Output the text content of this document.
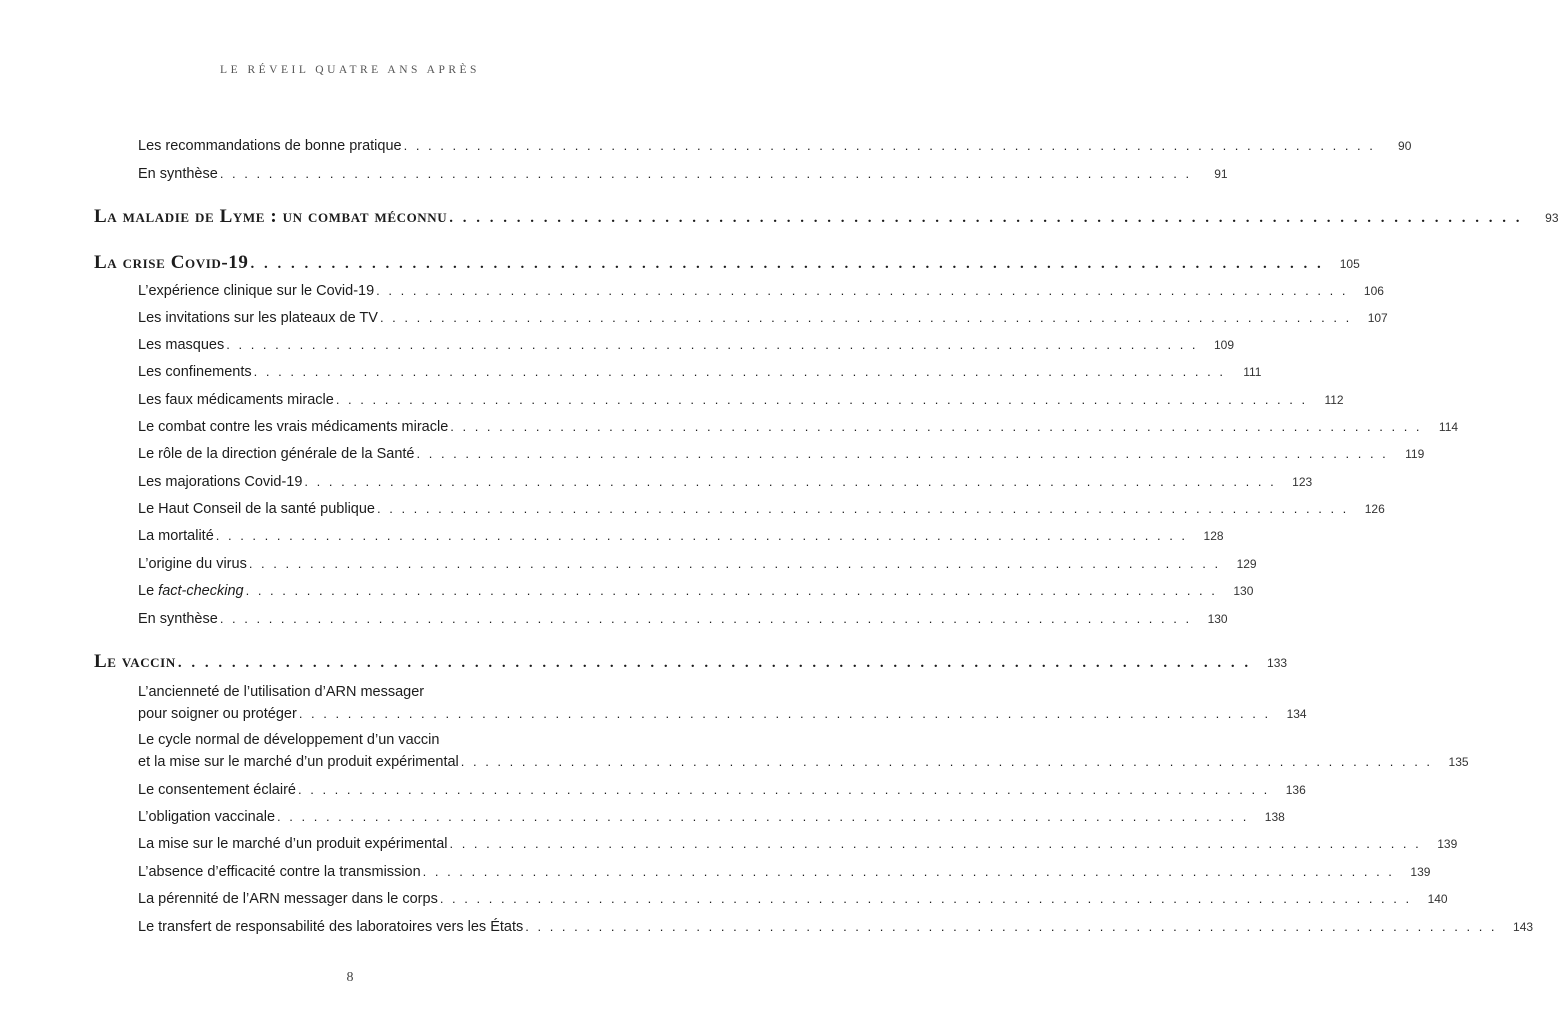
LE RÉVEIL QUATRE ANS APRÈS
Les recommandations de bonne pratique . . . . . . . . . . . . . . . . . . . . . . . . . . . . . . . . . . . . . . . . . . . . . . . . . . . . . . . . . . . . . . . . . . . . . . . . . . . . . . . .	90
En synthèse . . . . . . . . . . . . . . . . . . . . . . . . . . . . . . . . . . . . . . . . . . . . . . . . . . . . . . . . . . . . . . . . . . . . . . . . . . . . . . . .	91
La maladie de Lyme : un combat méconnu . . . . . . . . . . . . . . . . . . . . . . . . . . . . . . . . . . . . . . . . . . . . . . . . . . . . . . . . . . . . . . . . . . . . . . . . . . . . . . . .	93
La crise Covid-19 . . . . . . . . . . . . . . . . . . . . . . . . . . . . . . . . . . . . . . . . . . . . . . . . . . . . . . . . . . . . . . . . . . . . . . . . . . . . . . . .	105
L’expérience clinique sur le Covid-19 . . . . . . . . . . . . . . . . . . . . . . . . . . . . . . . . . . . . . . . . . . . . . . . . . . . . . . . . . . . . . . . . . . . . . . . . . . . . . . . .	106
Les invitations sur les plateaux de TV . . . . . . . . . . . . . . . . . . . . . . . . . . . . . . . . . . . . . . . . . . . . . . . . . . . . . . . . . . . . . . . . . . . . . . . . . . . . . . . .	107
Les masques . . . . . . . . . . . . . . . . . . . . . . . . . . . . . . . . . . . . . . . . . . . . . . . . . . . . . . . . . . . . . . . . . . . . . . . . . . . . . . . .	109
Les confinements . . . . . . . . . . . . . . . . . . . . . . . . . . . . . . . . . . . . . . . . . . . . . . . . . . . . . . . . . . . . . . . . . . . . . . . . . . . . . . . .	111
Les faux médicaments miracle . . . . . . . . . . . . . . . . . . . . . . . . . . . . . . . . . . . . . . . . . . . . . . . . . . . . . . . . . . . . . . . . . . . . . . . . . . . . . . . .	112
Le combat contre les vrais médicaments miracle . . . . . . . . . . . . . . . . . . . . . . . . . . . . . . . . . . . . . . . . . . . . . . . . . . . . . . . . . . . . . . . . . . . . . . . . . . . . . . . .	114
Le rôle de la direction générale de la Santé . . . . . . . . . . . . . . . . . . . . . . . . . . . . . . . . . . . . . . . . . . . . . . . . . . . . . . . . . . . . . . . . . . . . . . . . . . . . . . . .	119
Les majorations Covid-19 . . . . . . . . . . . . . . . . . . . . . . . . . . . . . . . . . . . . . . . . . . . . . . . . . . . . . . . . . . . . . . . . . . . . . . . . . . . . . . . .	123
Le Haut Conseil de la santé publique . . . . . . . . . . . . . . . . . . . . . . . . . . . . . . . . . . . . . . . . . . . . . . . . . . . . . . . . . . . . . . . . . . . . . . . . . . . . . . . .	126
La mortalité . . . . . . . . . . . . . . . . . . . . . . . . . . . . . . . . . . . . . . . . . . . . . . . . . . . . . . . . . . . . . . . . . . . . . . . . . . . . . . . .	128
L’origine du virus . . . . . . . . . . . . . . . . . . . . . . . . . . . . . . . . . . . . . . . . . . . . . . . . . . . . . . . . . . . . . . . . . . . . . . . . . . . . . . . .	129
Le fact-checking . . . . . . . . . . . . . . . . . . . . . . . . . . . . . . . . . . . . . . . . . . . . . . . . . . . . . . . . . . . . . . . . . . . . . . . . . . . . . . . .	130
En synthèse . . . . . . . . . . . . . . . . . . . . . . . . . . . . . . . . . . . . . . . . . . . . . . . . . . . . . . . . . . . . . . . . . . . . . . . . . . . . . . . .	130
Le vaccin . . . . . . . . . . . . . . . . . . . . . . . . . . . . . . . . . . . . . . . . . . . . . . . . . . . . . . . . . . . . . . . . . . . . . . . . . . . . . . . .	133
L’ancienneté de l’utilisation d’ARN messager
pour soigner ou protéger . . . . . . . . . . . . . . . . . . . . . . . . . . . . . . . . . . . . . . . . . . . . . . . . . . . . . . . . . . . . . . . . . . . . . . . . . . . . . . . .	134
Le cycle normal de développement d’un vaccin
et la mise sur le marché d’un produit expérimental . . . . . . . . . . . . . . . . . . . . . . . . . . . . . . . . . . . . . . . . . . . . . . . . . . . . . . . . . . . . . . . . . . . . . . . . . . . . . . . .	135
Le consentement éclairé . . . . . . . . . . . . . . . . . . . . . . . . . . . . . . . . . . . . . . . . . . . . . . . . . . . . . . . . . . . . . . . . . . . . . . . . . . . . . . . .	136
L’obligation vaccinale . . . . . . . . . . . . . . . . . . . . . . . . . . . . . . . . . . . . . . . . . . . . . . . . . . . . . . . . . . . . . . . . . . . . . . . . . . . . . . . .	138
La mise sur le marché d’un produit expérimental . . . . . . . . . . . . . . . . . . . . . . . . . . . . . . . . . . . . . . . . . . . . . . . . . . . . . . . . . . . . . . . . . . . . . . . . . . . . . . . .	139
L’absence d’efficacité contre la transmission . . . . . . . . . . . . . . . . . . . . . . . . . . . . . . . . . . . . . . . . . . . . . . . . . . . . . . . . . . . . . . . . . . . . . . . . . . . . . . . .	139
La pérennité de l’ARN messager dans le corps . . . . . . . . . . . . . . . . . . . . . . . . . . . . . . . . . . . . . . . . . . . . . . . . . . . . . . . . . . . . . . . . . . . . . . . . . . . . . . . .	140
Le transfert de responsabilité des laboratoires vers les États . . . . . . . . . . . . . . . . . . . . . . . . . . . . . . . . . . . . . . . . . . . . . . . . . . . . . . . . . . . . . . . . . . . . . . . . . . . . . . . .	143
8
